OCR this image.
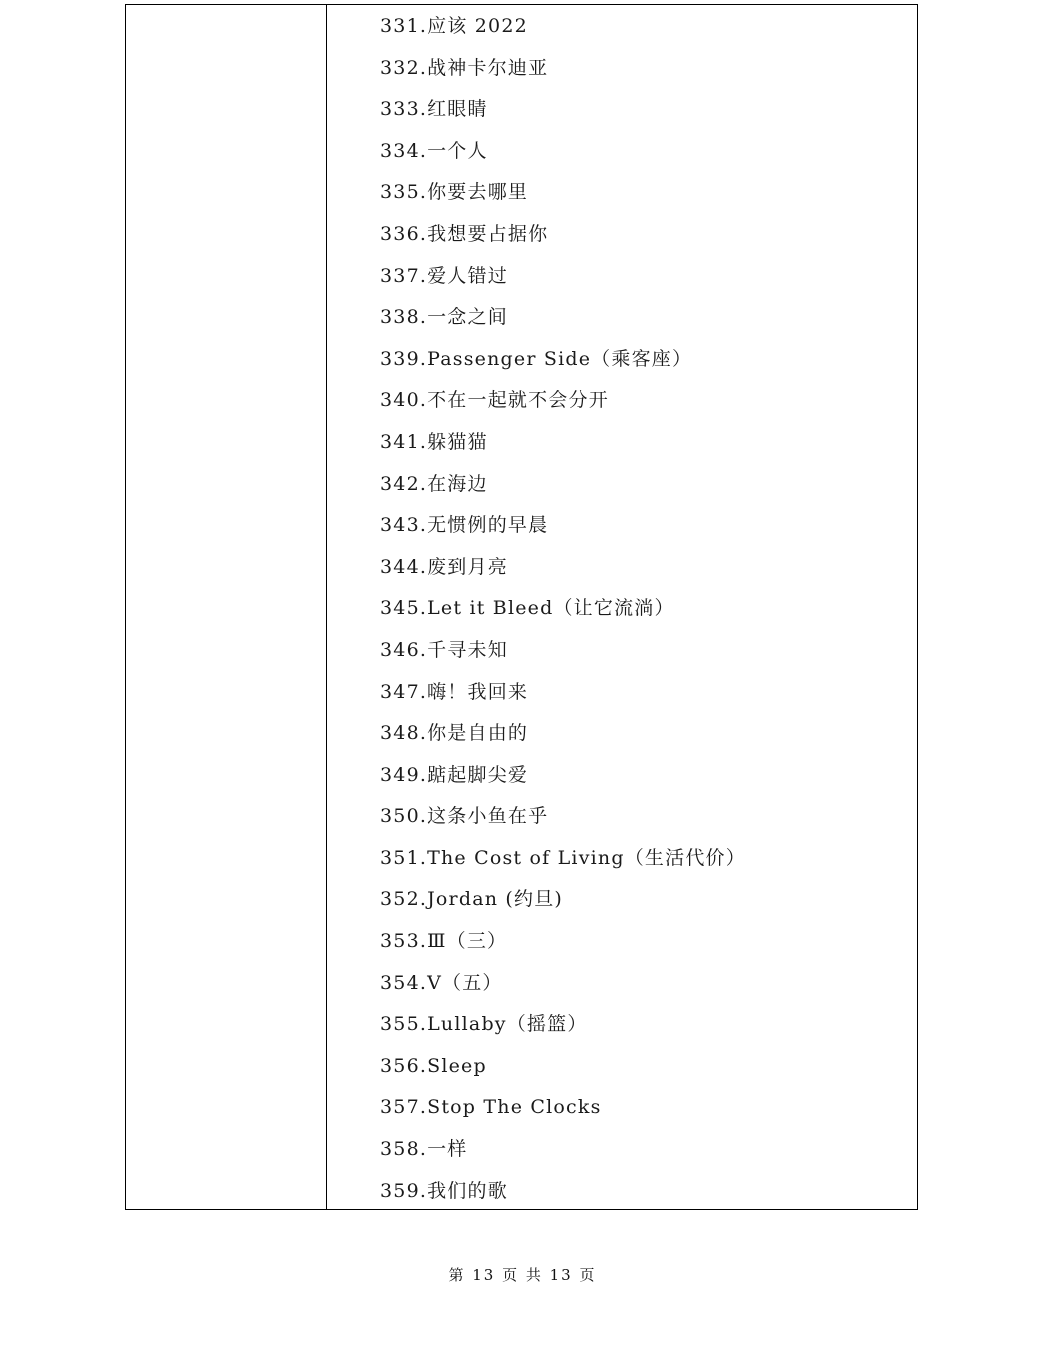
331.应该 2022
332.战神卡尔迪亚
333.红眼睛
334.一个人
335.你要去哪里
336.我想要占据你
337.爱人错过
338.一念之间
339.Passenger Side（乘客座）
340.不在一起就不会分开
341.躲猫猫
342.在海边
343.无惯例的早晨
344.废到月亮
345.Let it Bleed（让它流淌）
346.千寻未知
347.嗨！我回来
348.你是自由的
349.踮起脚尖爱
350.这条小鱼在乎
351.The Cost of Living（生活代价）
352.Jordan (约旦)
353.Ⅲ（三）
354.Ⅴ（五）
355.Lullaby（摇篮）
356.Sleep
357.Stop The Clocks
358.一样
359.我们的歌
第 13 页 共 13 页
